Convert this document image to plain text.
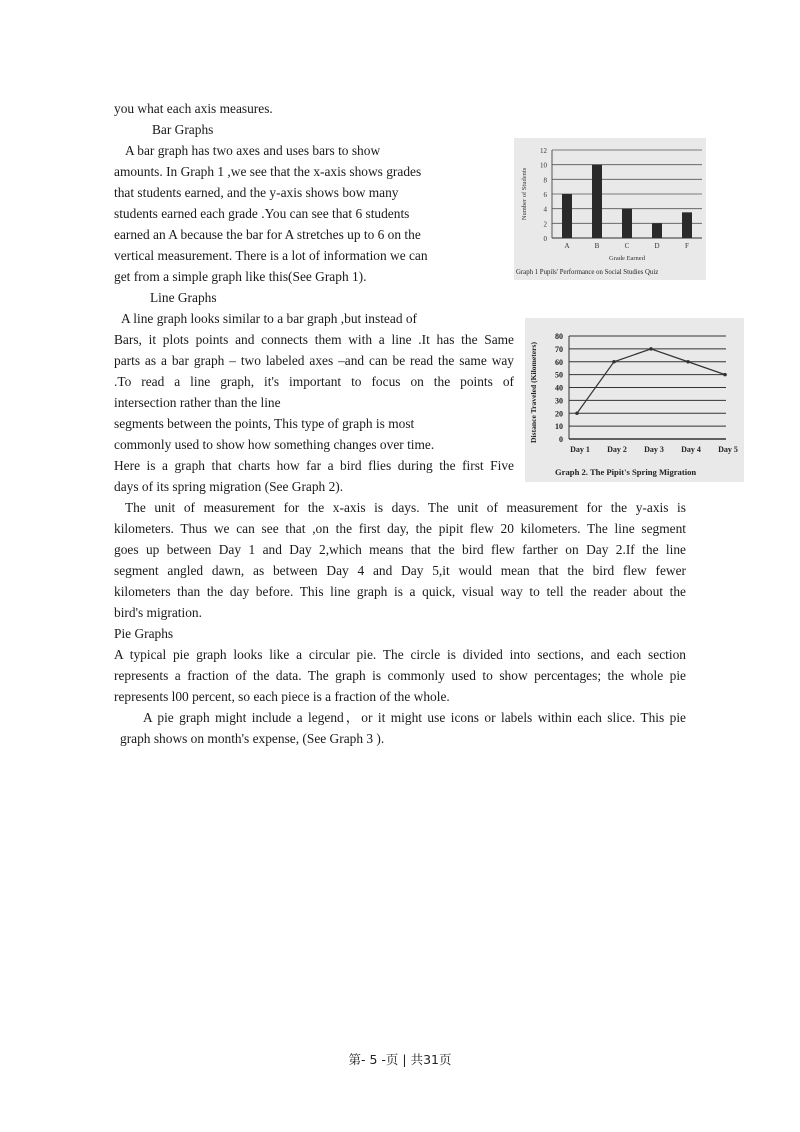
you what each axis measures.
Bar Graphs
A bar graph has two axes and uses bars to show
amounts. In Graph 1 ,we see that the x-axis shows grades
that students earned, and the y-axis shows bow many
students earned each grade .You can see that 6 students
earned an A because the bar for A stretches up to 6 on the
vertical measurement. There is a lot of information we can
get from a simple graph like this(See Graph 1).
Line Graphs
A line graph looks similar to a bar graph ,but instead of
Bars, it plots points and connects them with a line .It has the Same
parts as a bar graph – two labeled axes –and can be read the same way
.To read a line graph, it's important to focus on the points of
intersection rather than the line
segments between the points, This type of graph is most
commonly used to show how something changes over time.
Here is a graph that charts how far a bird flies during the first Five
days of its spring migration (See Graph 2).
The unit of measurement for the x-axis is days. The unit of measurement for the y-axis is
kilometers. Thus we can see that ,on the first day, the pipit flew 20 kilometers. The line segment
goes up between Day 1 and Day 2,which means that the bird flew farther on Day 2.If the line
segment angled dawn, as between Day 4 and Day 5,it would mean that the bird flew fewer
kilometers than the day before. This line graph is a quick, visual way to tell the reader about the
bird's migration.
Pie Graphs
A typical pie graph looks like a circular pie. The circle is divided into sections, and each section
represents a fraction of the data. The graph is commonly used to show percentages; the whole pie
represents l00 percent, so each piece is a fraction of the whole.
A pie graph might include a legend，or it might use icons or labels within each slice. This pie
graph shows on month's expense, (See Graph 3 ).
0
2
4
6
8
10
12
A	B	C	D	F
Grade Earned
Number of Students
Graph 1 Pupils' Performance on Social Studies Quiz
0
10
20
30
40
50
60
70
80
Day 1 Day 2 Day 3 Day 4 Day 5
Distance Traveled (Kilometers)
Graph 2. The Pipit's Spring Migration
第- 5 -页 | 共31页
